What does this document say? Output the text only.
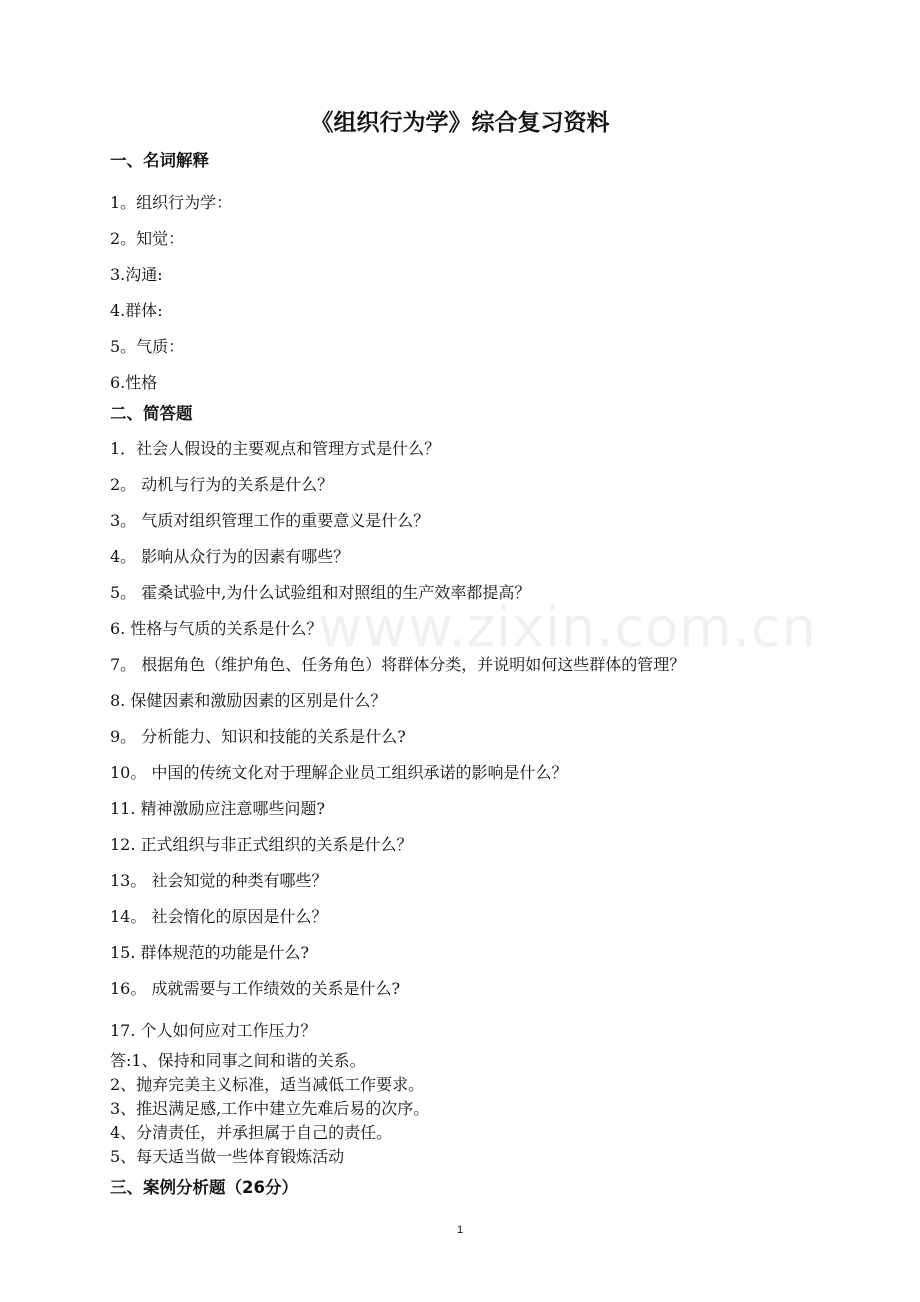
www.zixin.com.cn
《组织行为学》综合复习资料
一、名词解释
1。组织行为学：
2。知觉：
3.沟通:
4.群体:
5。气质：
6.性格
二、简答题
1．社会人假设的主要观点和管理方式是什么？
2。 动机与行为的关系是什么？
3。 气质对组织管理工作的重要意义是什么？
4。 影响从众行为的因素有哪些？
5。 霍桑试验中,为什么试验组和对照组的生产效率都提高？
6. 性格与气质的关系是什么？
7。 根据角色（维护角色、任务角色）将群体分类，并说明如何这些群体的管理？
8. 保健因素和激励因素的区别是什么？
9。 分析能力、知识和技能的关系是什么?
10。 中国的传统文化对于理解企业员工组织承诺的影响是什么？
11. 精神激励应注意哪些问题?
12. 正式组织与非正式组织的关系是什么？
13。 社会知觉的种类有哪些？
14。 社会惰化的原因是什么？
15. 群体规范的功能是什么?
16。 成就需要与工作绩效的关系是什么?
17. 个人如何应对工作压力？
答:1、保持和同事之间和谐的关系。
2、抛弃完美主义标准，适当减低工作要求。
3、推迟满足感,工作中建立先难后易的次序。
4、分清责任，并承担属于自己的责任。
5、每天适当做一些体育锻炼活动
三、案例分析题（26分）
1
